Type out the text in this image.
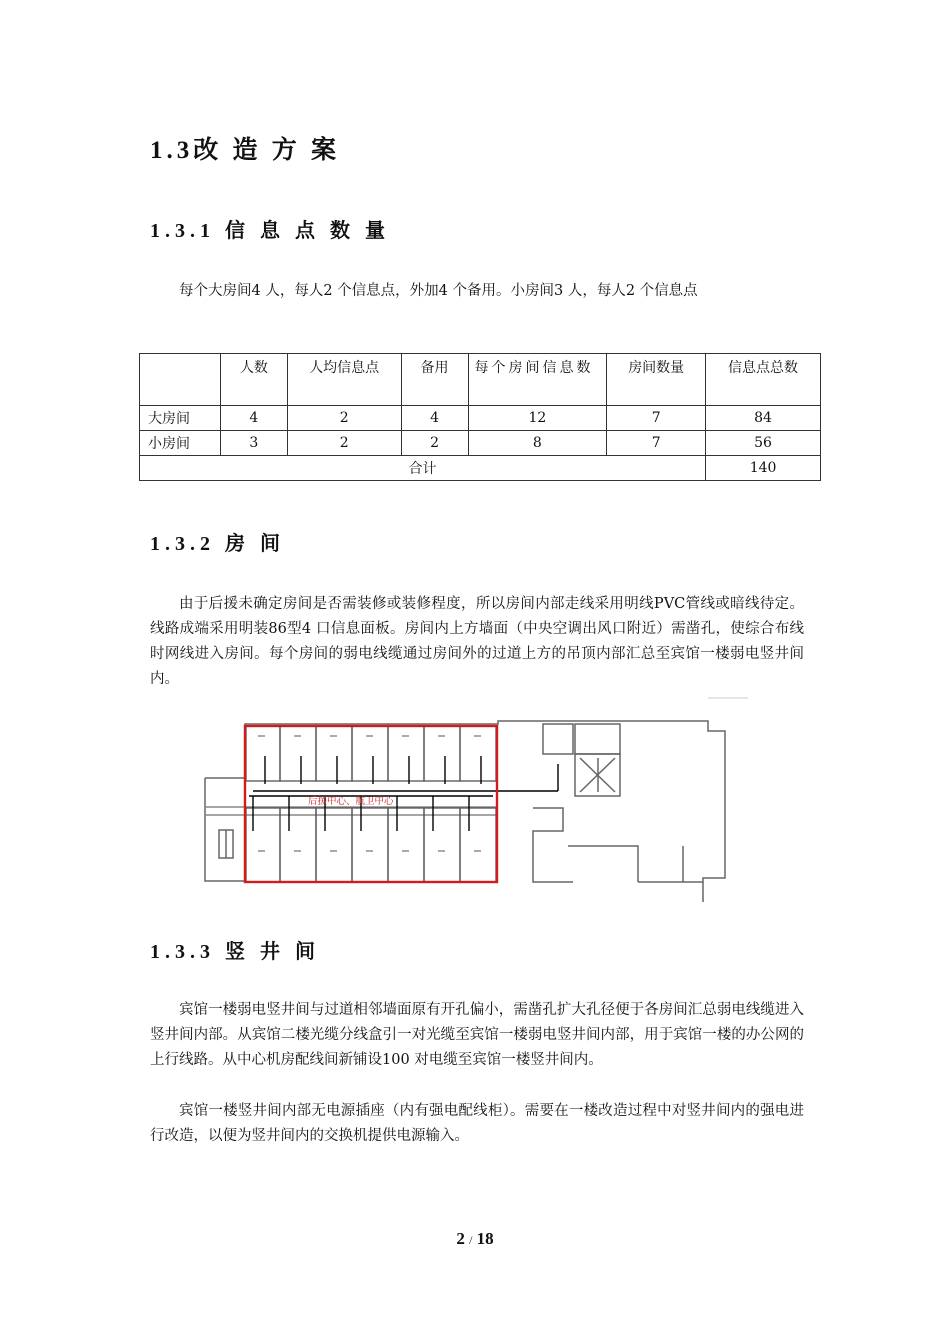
1.3改 造 方 案
1.3.1 信 息 点 数 量

每个大房间4 人，每人2 个信息点，外加4 个备用。小房间3 人，每人2 个信息点

	人数	人均信息点	备用	每个房间信息数	房间数量	信息点总数
大房间	4	2	4	12	7	84
小房间	3	2	2	8	7	56
合计						140
1.3.2 房 间

由于后援未确定房间是否需装修或装修程度，所以房间内部走线采用明线PVC管线或暗线待定。线路成端采用明装86型4 口信息面板。房间内上方墙面（中央空调出风口附近）需凿孔，使综合布线时网线进入房间。每个房间的弱电线缆通过房间外的过道上方的吊顶内部汇总至宾馆一楼弱电竖井间内。

后援中心、航卫中心
1.3.3 竖 井 间

宾馆一楼弱电竖井间与过道相邻墙面原有开孔偏小，需凿孔扩大孔径便于各房间汇总弱电线缆进入竖井间内部。从宾馆二楼光缆分线盒引一对光缆至宾馆一楼弱电竖井间内部，用于宾馆一楼的办公网的上行线路。从中心机房配线间新铺设100 对电缆至宾馆一楼竖井间内。

宾馆一楼竖井间内部无电源插座（内有强电配线柜）。需要在一楼改造过程中对竖井间内的强电进行改造，以便为竖井间内的交换机提供电源输入。

2 / 18
